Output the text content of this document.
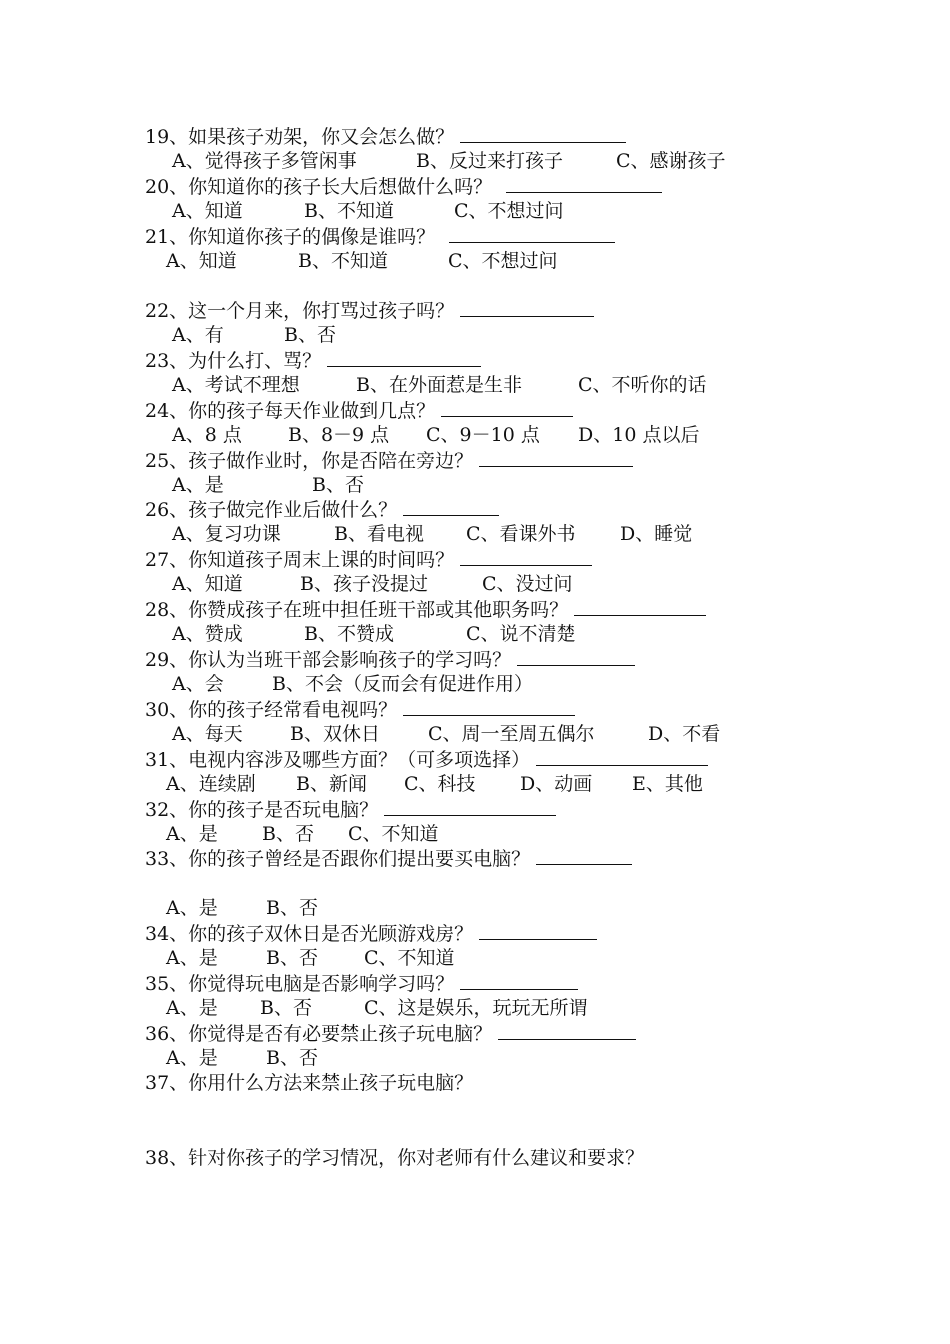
19、如果孩子劝架，你又会怎么做？
A、觉得孩子多管闲事	B、反过来打孩子	C、感谢孩子
20、你知道你的孩子长大后想做什么吗？
A、知道	B、不知道	C、不想过问
21、你知道你孩子的偶像是谁吗？
A、知道	B、不知道	C、不想过问
22、这一个月来，你打骂过孩子吗？
A、有	B、否
23、为什么打、骂？
A、考试不理想	B、在外面惹是生非	C、不听你的话
24、你的孩子每天作业做到几点？
A、8 点 B、8－9 点 C、9－10 点 D、10 点以后
25、孩子做作业时，你是否陪在旁边？
A、是	B、否
26、孩子做完作业后做什么？
A、复习功课	B、看电视 C、看课外书 D、睡觉
27、你知道孩子周末上课的时间吗？
A、知道	B、孩子没提过	C、没过问
28、你赞成孩子在班中担任班干部或其他职务吗？
A、赞成	B、不赞成	C、说不清楚
29、你认为当班干部会影响孩子的学习吗？
A、会	B、不会（反而会有促进作用）
30、你的孩子经常看电视吗？
A、每天 B、双休日	C、周一至周五偶尔	D、不看
31、电视内容涉及哪些方面？（可多项选择）
A、连续剧 B、新闻 C、科技 D、动画 E、其他
32、你的孩子是否玩电脑？
A、是 B、否 C、不知道
33、你的孩子曾经是否跟你们提出要买电脑？
A、是	B、否
34、你的孩子双休日是否光顾游戏房？
A、是	B、否 C、不知道
35、你觉得玩电脑是否影响学习吗？
A、是 B、否	C、这是娱乐，玩玩无所谓
36、你觉得是否有必要禁止孩子玩电脑？
A、是	B、否
37、你用什么方法来禁止孩子玩电脑？
38、针对你孩子的学习情况，你对老师有什么建议和要求？
